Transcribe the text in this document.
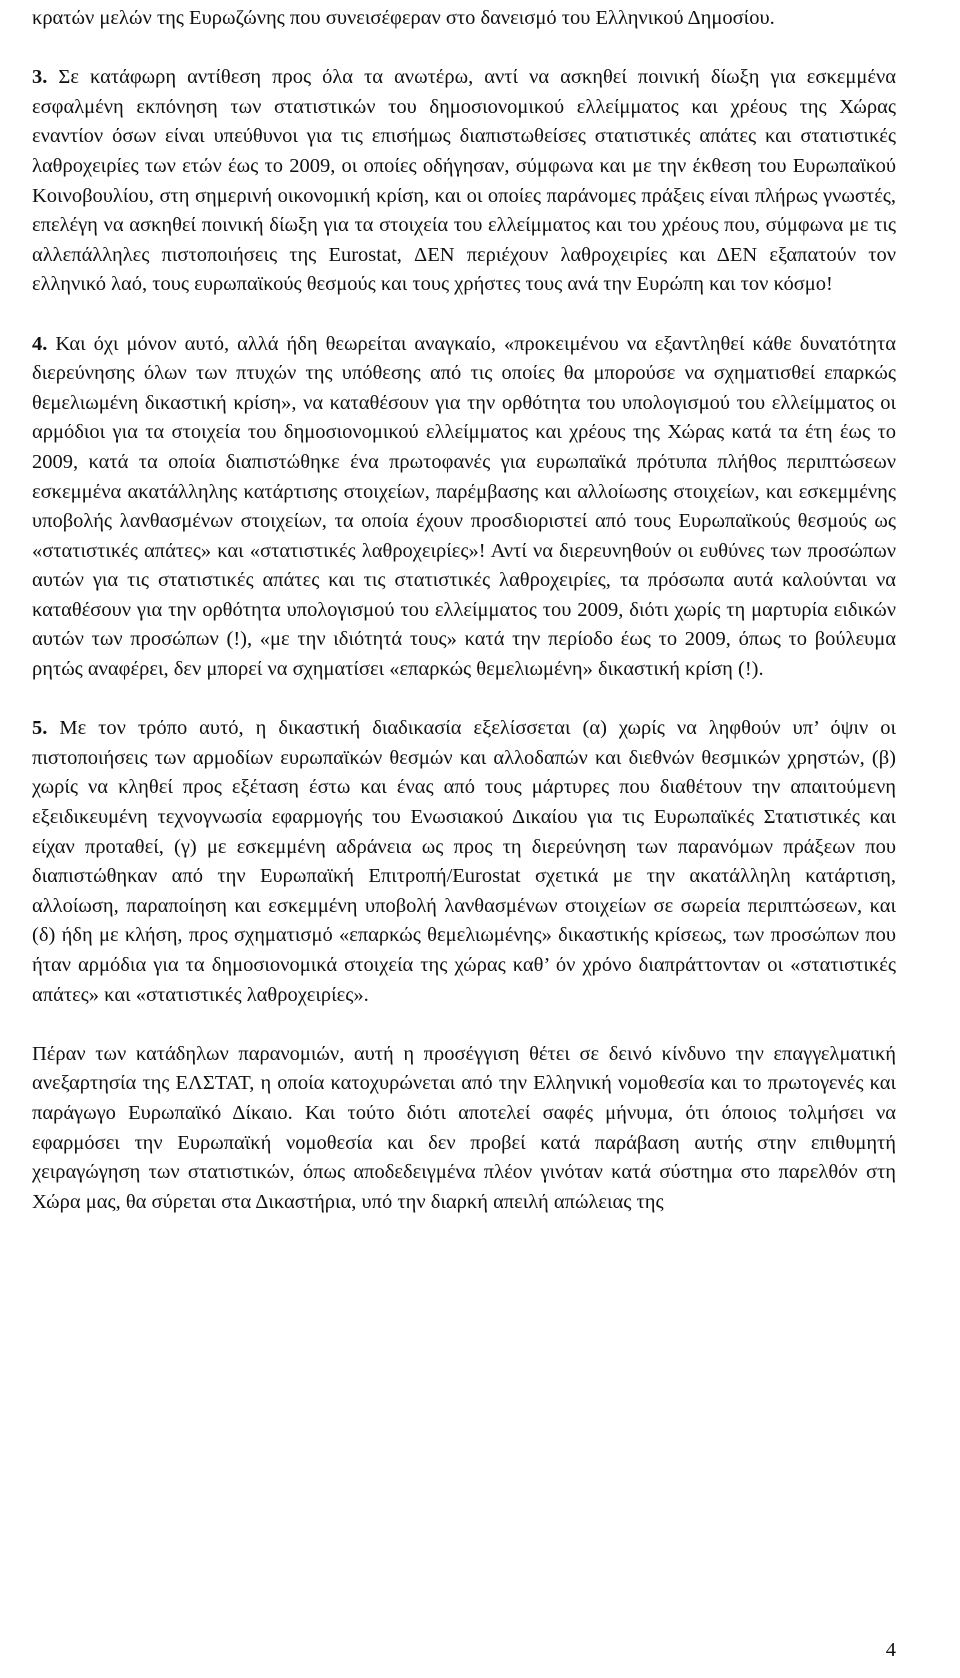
κρατών μελών της Ευρωζώνης που συνεισέφεραν στο δανεισμό του Ελληνικού Δημοσίου.

3. Σε κατάφωρη αντίθεση προς όλα τα ανωτέρω, αντί να ασκηθεί ποινική δίωξη για εσκεμμένα εσφαλμένη εκπόνηση των στατιστικών του δημοσιονομικού ελλείμματος και χρέους της Χώρας εναντίον όσων είναι υπεύθυνοι για τις επισήμως διαπιστωθείσες στατιστικές απάτες και στατιστικές λαθροχειρίες των ετών έως το 2009, οι οποίες οδήγησαν, σύμφωνα και με την έκθεση του Ευρωπαϊκού Κοινοβουλίου, στη σημερινή οικονομική κρίση, και οι οποίες παράνομες πράξεις είναι πλήρως γνωστές, επελέγη να ασκηθεί ποινική δίωξη για τα στοιχεία του ελλείμματος και του χρέους που, σύμφωνα με τις αλλεπάλληλες πιστοποιήσεις της Eurostat, ΔΕΝ περιέχουν λαθροχειρίες και ΔΕΝ εξαπατούν τον ελληνικό λαό, τους ευρωπαϊκούς θεσμούς και τους χρήστες τους ανά την Ευρώπη και τον κόσμο!

4. Και όχι μόνον αυτό, αλλά ήδη θεωρείται αναγκαίο, «προκειμένου να εξαντληθεί κάθε δυνατότητα διερεύνησης όλων των πτυχών της υπόθεσης από τις οποίες θα μπορούσε να σχηματισθεί επαρκώς θεμελιωμένη δικαστική κρίση», να καταθέσουν για την ορθότητα του υπολογισμού του ελλείμματος οι αρμόδιοι για τα στοιχεία του δημοσιονομικού ελλείμματος και χρέους της Χώρας κατά τα έτη έως το 2009, κατά τα οποία διαπιστώθηκε ένα πρωτοφανές για ευρωπαϊκά πρότυπα πλήθος περιπτώσεων εσκεμμένα ακατάλληλης κατάρτισης στοιχείων, παρέμβασης και αλλοίωσης στοιχείων, και εσκεμμένης υποβολής λανθασμένων στοιχείων, τα οποία έχουν προσδιοριστεί από τους Ευρωπαϊκούς θεσμούς ως «στατιστικές απάτες» και «στατιστικές λαθροχειρίες»! Αντί να διερευνηθούν οι ευθύνες των προσώπων αυτών για τις στατιστικές απάτες και τις στατιστικές λαθροχειρίες, τα πρόσωπα αυτά καλούνται να καταθέσουν για την ορθότητα υπολογισμού του ελλείμματος του 2009, διότι χωρίς τη μαρτυρία ειδικών αυτών των προσώπων (!), «με την ιδιότητά τους» κατά την περίοδο έως το 2009, όπως το βούλευμα ρητώς αναφέρει, δεν μπορεί να σχηματίσει «επαρκώς θεμελιωμένη» δικαστική κρίση (!).

5. Με τον τρόπο αυτό, η δικαστική διαδικασία εξελίσσεται (α) χωρίς να ληφθούν υπ’ όψιν οι πιστοποιήσεις των αρμοδίων ευρωπαϊκών θεσμών και αλλοδαπών και διεθνών θεσμικών χρηστών, (β) χωρίς να κληθεί προς εξέταση έστω και ένας από τους μάρτυρες που διαθέτουν την απαιτούμενη εξειδικευμένη τεχνογνωσία εφαρμογής του Ενωσιακού Δικαίου για τις Ευρωπαϊκές Στατιστικές και είχαν προταθεί, (γ) με εσκεμμένη αδράνεια ως προς τη διερεύνηση των παρανόμων πράξεων που διαπιστώθηκαν από την Ευρωπαϊκή Επιτροπή/Eurostat σχετικά με την ακατάλληλη κατάρτιση, αλλοίωση, παραποίηση και εσκεμμένη υποβολή λανθασμένων στοιχείων σε σωρεία περιπτώσεων, και (δ) ήδη με κλήση, προς σχηματισμό «επαρκώς θεμελιωμένης» δικαστικής κρίσεως, των προσώπων που ήταν αρμόδια για τα δημοσιονομικά στοιχεία της χώρας καθ’ όν χρόνο διαπράττονταν οι «στατιστικές απάτες» και «στατιστικές λαθροχειρίες».

Πέραν των κατάδηλων παρανομιών, αυτή η προσέγγιση θέτει σε δεινό κίνδυνο την επαγγελματική ανεξαρτησία της ΕΛΣΤΑΤ, η οποία κατοχυρώνεται από την Ελληνική νομοθεσία και το πρωτογενές και παράγωγο Ευρωπαϊκό Δίκαιο. Και τούτο διότι αποτελεί σαφές μήνυμα, ότι όποιος τολμήσει να εφαρμόσει την Ευρωπαϊκή νομοθεσία και δεν προβεί κατά παράβαση αυτής στην επιθυμητή χειραγώγηση των στατιστικών, όπως αποδεδειγμένα πλέον γινόταν κατά σύστημα στο παρελθόν στη Χώρα μας, θα σύρεται στα Δικαστήρια, υπό την διαρκή απειλή απώλειας της

4
